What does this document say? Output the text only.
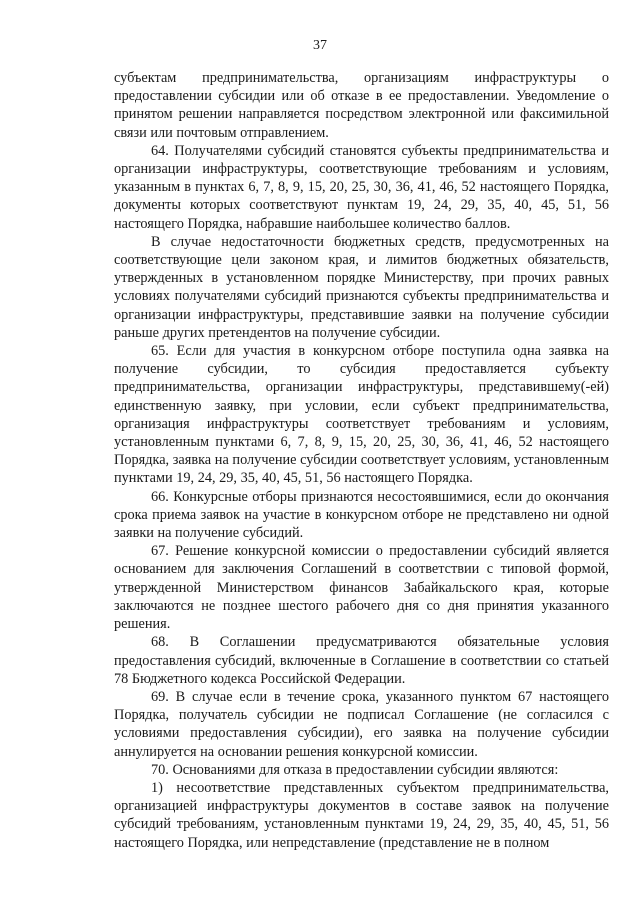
37

субъектам предпринимательства, организациям инфраструктуры о предоставлении субсидии или об отказе в ее предоставлении. Уведомление о принятом решении направляется посредством электронной или факсимильной связи или почтовым отправлением.

64. Получателями субсидий становятся субъекты предпринимательства и организации инфраструктуры, соответствующие требованиям и условиям, указанным в пунктах 6, 7, 8, 9, 15, 20, 25, 30, 36, 41, 46, 52 настоящего Порядка, документы которых соответствуют пунктам 19, 24, 29, 35, 40, 45, 51, 56 настоящего Порядка, набравшие наибольшее количество баллов.

В случае недостаточности бюджетных средств, предусмотренных на соответствующие цели законом края, и лимитов бюджетных обязательств, утвержденных в установленном порядке Министерству, при прочих равных условиях получателями субсидий признаются субъекты предпринимательства и организации инфраструктуры, представившие заявки на получение субсидии раньше других претендентов на получение субсидии.

65. Если для участия в конкурсном отборе поступила одна заявка на получение субсидии, то субсидия предоставляется субъекту предпринимательства, организации инфраструктуры, представившему(-ей) единственную заявку, при условии, если субъект предпринимательства, организация инфраструктуры соответствует требованиям и условиям, установленным пунктами 6, 7, 8, 9, 15, 20, 25, 30, 36, 41, 46, 52 настоящего Порядка, заявка на получение субсидии соответствует условиям, установленным пунктами 19, 24, 29, 35, 40, 45, 51, 56 настоящего Порядка.

66. Конкурсные отборы признаются несостоявшимися, если до окончания срока приема заявок на участие в конкурсном отборе не представлено ни одной заявки на получение субсидий.

67. Решение конкурсной комиссии о предоставлении субсидий является основанием для заключения Соглашений в соответствии с типовой формой, утвержденной Министерством финансов Забайкальского края, которые заключаются не позднее шестого рабочего дня со дня принятия указанного решения.

68. В Соглашении предусматриваются обязательные условия предоставления субсидий, включенные в Соглашение в соответствии со статьей 78 Бюджетного кодекса Российской Федерации.

69. В случае если в течение срока, указанного пунктом 67 настоящего Порядка, получатель субсидии не подписал Соглашение (не согласился с условиями предоставления субсидии), его заявка на получение субсидии аннулируется на основании решения конкурсной комиссии.

70. Основаниями для отказа в предоставлении субсидии являются:

1) несоответствие представленных субъектом предпринимательства, организацией инфраструктуры документов в составе заявок на получение субсидий требованиям, установленным пунктами 19, 24, 29, 35, 40, 45, 51, 56 настоящего Порядка, или непредставление (представление не в полном
